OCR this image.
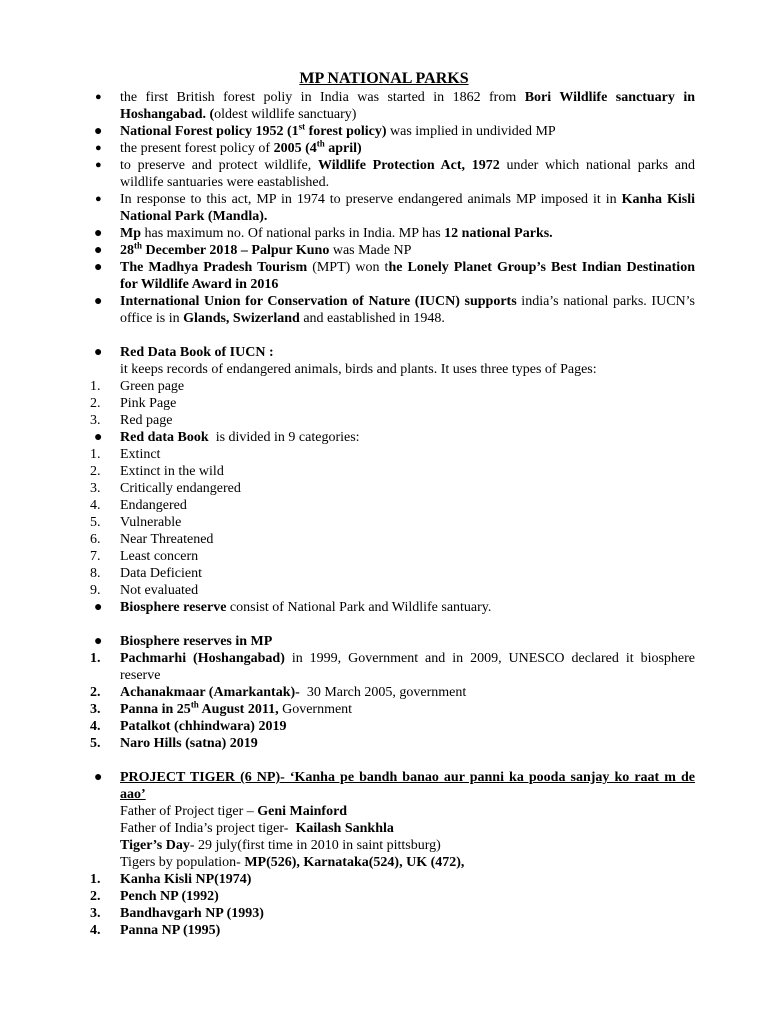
MP NATIONAL PARKS
●	the first British forest poliy in India was started in 1862 from Bori Wildlife sanctuary in Hoshangabad. (oldest wildlife sanctuary)
●	National Forest policy 1952 (1st forest policy) was implied in undivided MP
●	the present forest policy of 2005 (4th april)
●	to preserve and protect wildlife, Wildlife Protection Act, 1972 under which national parks and wildlife santuaries were eastablished.
●	In response to this act, MP in 1974 to preserve endangered animals MP imposed it in Kanha Kisli National Park (Mandla).
●	Mp has maximum no. Of national parks in India. MP has 12 national Parks.
●	28th December 2018 – Palpur Kuno was Made NP
●	The Madhya Pradesh Tourism (MPT) won the Lonely Planet Group’s Best Indian Destination for Wildlife Award in 2016
●	International Union for Conservation of Nature (IUCN) supports india’s national parks. IUCN’s office is in Glands, Swizerland and eastablished in 1948.
●	Red Data Book of IUCN :
it keeps records of endangered animals, birds and plants. It uses three types of Pages:
1.	Green page
2.	Pink Page
3.	Red page
●	Red data Book  is divided in 9 categories:
1.	Extinct
2.	Extinct in the wild
3.	Critically endangered
4.	Endangered
5.	Vulnerable
6.	Near Threatened
7.	Least concern
8.	Data Deficient
9.	Not evaluated
●	Biosphere reserve consist of National Park and Wildlife santuary.
●	Biosphere reserves in MP
1.	Pachmarhi (Hoshangabad) in 1999, Government and in 2009, UNESCO declared it biosphere reserve
2.	Achanakmaar (Amarkantak)-  30 March 2005, government
3.	Panna in 25th August 2011, Government
4.	Patalkot (chhindwara) 2019
5.	Naro Hills (satna) 2019
●	PROJECT TIGER (6 NP)- ‘Kanha pe bandh banao aur panni ka pooda sanjay ko raat m de aao’
Father of Project tiger – Geni Mainford
Father of India’s project tiger-  Kailash Sankhla
Tiger’s Day- 29 july(first time in 2010 in saint pittsburg)
Tigers by population- MP(526), Karnataka(524), UK (472),
1.	Kanha Kisli NP(1974)
2.	Pench NP (1992)
3.	Bandhavgarh NP (1993)
4.	Panna NP (1995)
